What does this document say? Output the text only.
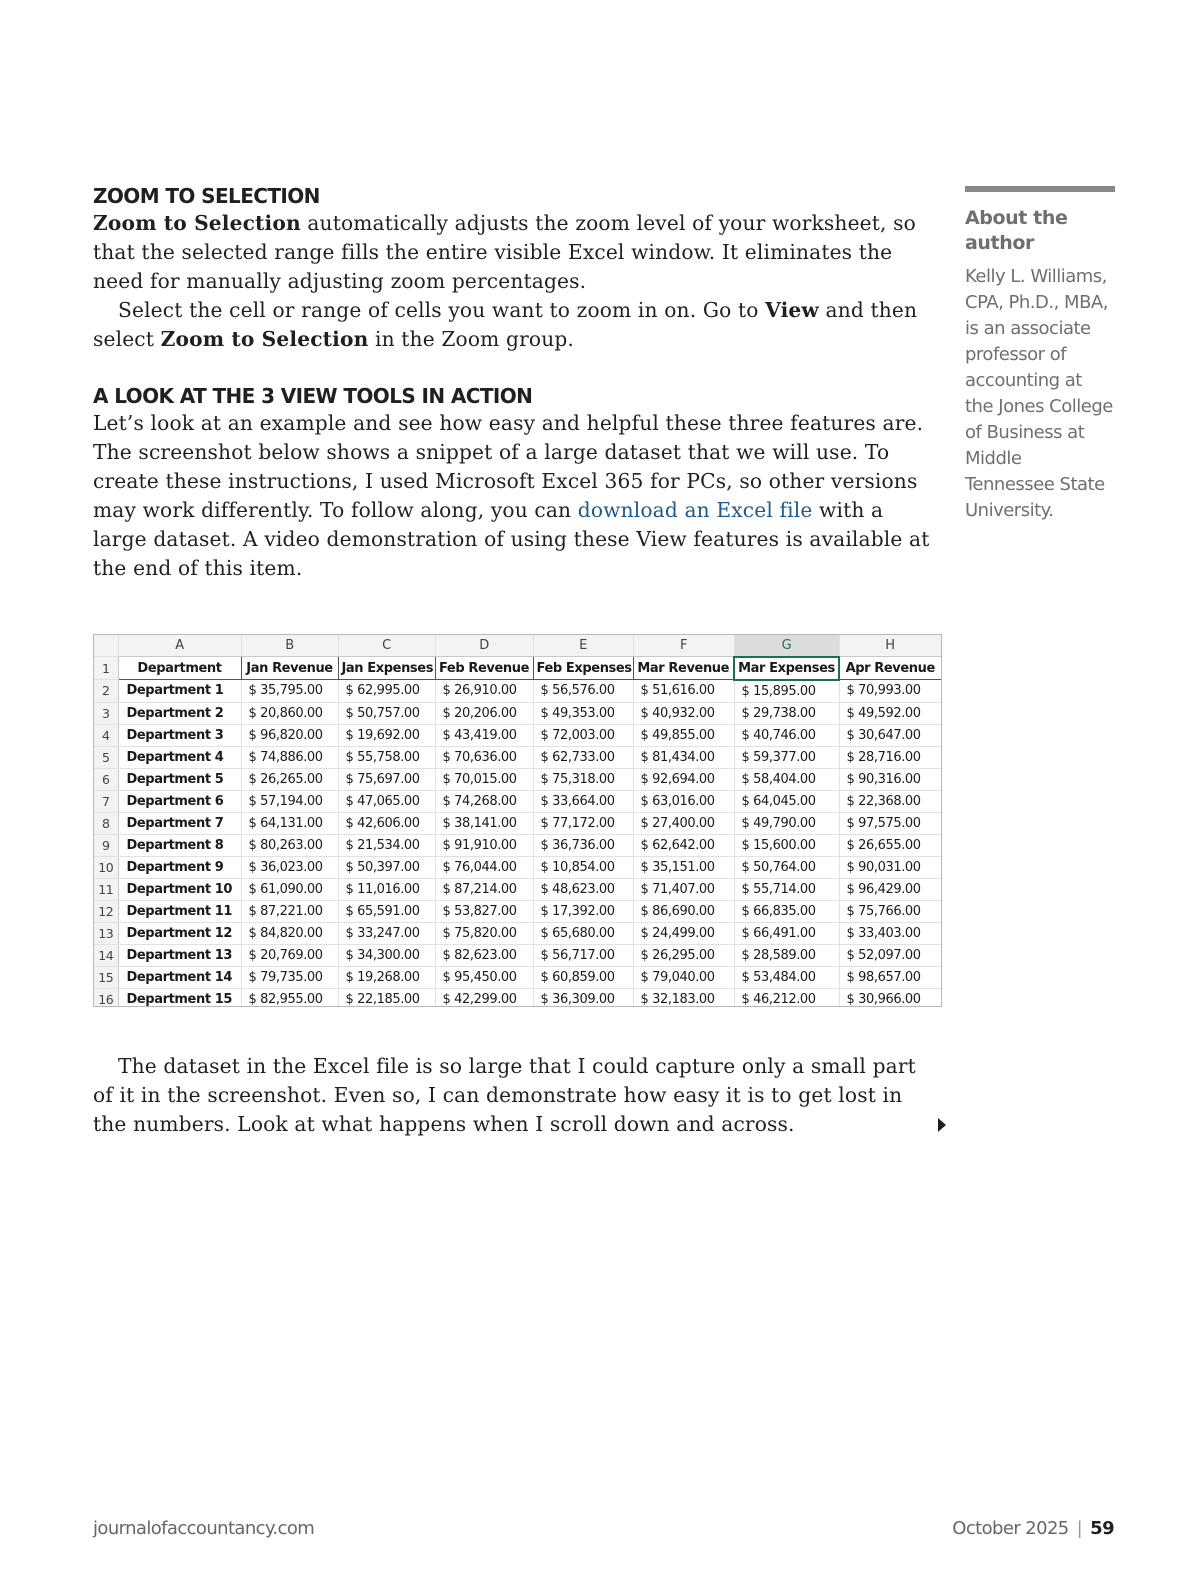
ZOOM TO SELECTION

Zoom to Selection automatically adjusts the zoom level of your worksheet, so that the selected range fills the entire visible Excel window. It eliminates the need for manually adjusting zoom percentages.

Select the cell or range of cells you want to zoom in on. Go to View and then select Zoom to Selection in the Zoom group.

A LOOK AT THE 3 VIEW TOOLS IN ACTION

Let’s look at an example and see how easy and helpful these three features are. The screenshot below shows a snippet of a large dataset that we will use. To create these instructions, I used Microsoft Excel 365 for PCs, so other versions may work differently. To follow along, you can download an Excel file with a large dataset. A video demonstration of using these View features is available at the end of this item.

About the author
Kelly L. Williams, CPA, Ph.D., MBA, is an associate professor of accounting at the Jones College of Business at Middle Tennessee State University.
	A	B	C	D	E	F	G	H
1	Department	Jan Revenue	Jan Expenses	Feb Revenue	Feb Expenses	Mar Revenue	Mar Expenses	Apr Revenue
2	Department 1	$ 35,795.00	$ 62,995.00	$ 26,910.00	$ 56,576.00	$ 51,616.00	$ 15,895.00	$ 70,993.00
3	Department 2	$ 20,860.00	$ 50,757.00	$ 20,206.00	$ 49,353.00	$ 40,932.00	$ 29,738.00	$ 49,592.00
4	Department 3	$ 96,820.00	$ 19,692.00	$ 43,419.00	$ 72,003.00	$ 49,855.00	$ 40,746.00	$ 30,647.00
5	Department 4	$ 74,886.00	$ 55,758.00	$ 70,636.00	$ 62,733.00	$ 81,434.00	$ 59,377.00	$ 28,716.00
6	Department 5	$ 26,265.00	$ 75,697.00	$ 70,015.00	$ 75,318.00	$ 92,694.00	$ 58,404.00	$ 90,316.00
7	Department 6	$ 57,194.00	$ 47,065.00	$ 74,268.00	$ 33,664.00	$ 63,016.00	$ 64,045.00	$ 22,368.00
8	Department 7	$ 64,131.00	$ 42,606.00	$ 38,141.00	$ 77,172.00	$ 27,400.00	$ 49,790.00	$ 97,575.00
9	Department 8	$ 80,263.00	$ 21,534.00	$ 91,910.00	$ 36,736.00	$ 62,642.00	$ 15,600.00	$ 26,655.00
10	Department 9	$ 36,023.00	$ 50,397.00	$ 76,044.00	$ 10,854.00	$ 35,151.00	$ 50,764.00	$ 90,031.00
11	Department 10	$ 61,090.00	$ 11,016.00	$ 87,214.00	$ 48,623.00	$ 71,407.00	$ 55,714.00	$ 96,429.00
12	Department 11	$ 87,221.00	$ 65,591.00	$ 53,827.00	$ 17,392.00	$ 86,690.00	$ 66,835.00	$ 75,766.00
13	Department 12	$ 84,820.00	$ 33,247.00	$ 75,820.00	$ 65,680.00	$ 24,499.00	$ 66,491.00	$ 33,403.00
14	Department 13	$ 20,769.00	$ 34,300.00	$ 82,623.00	$ 56,717.00	$ 26,295.00	$ 28,589.00	$ 52,097.00
15	Department 14	$ 79,735.00	$ 19,268.00	$ 95,450.00	$ 60,859.00	$ 79,040.00	$ 53,484.00	$ 98,657.00
16	Department 15	$ 82,955.00	$ 22,185.00	$ 42,299.00	$ 36,309.00	$ 32,183.00	$ 46,212.00	$ 30,966.00

The dataset in the Excel file is so large that I could capture only a small part of it in the screenshot. Even so, I can demonstrate how easy it is to get lost in the numbers. Look at what happens when I scroll down and across.

journalofaccountancy.com	October 2025 | 59
